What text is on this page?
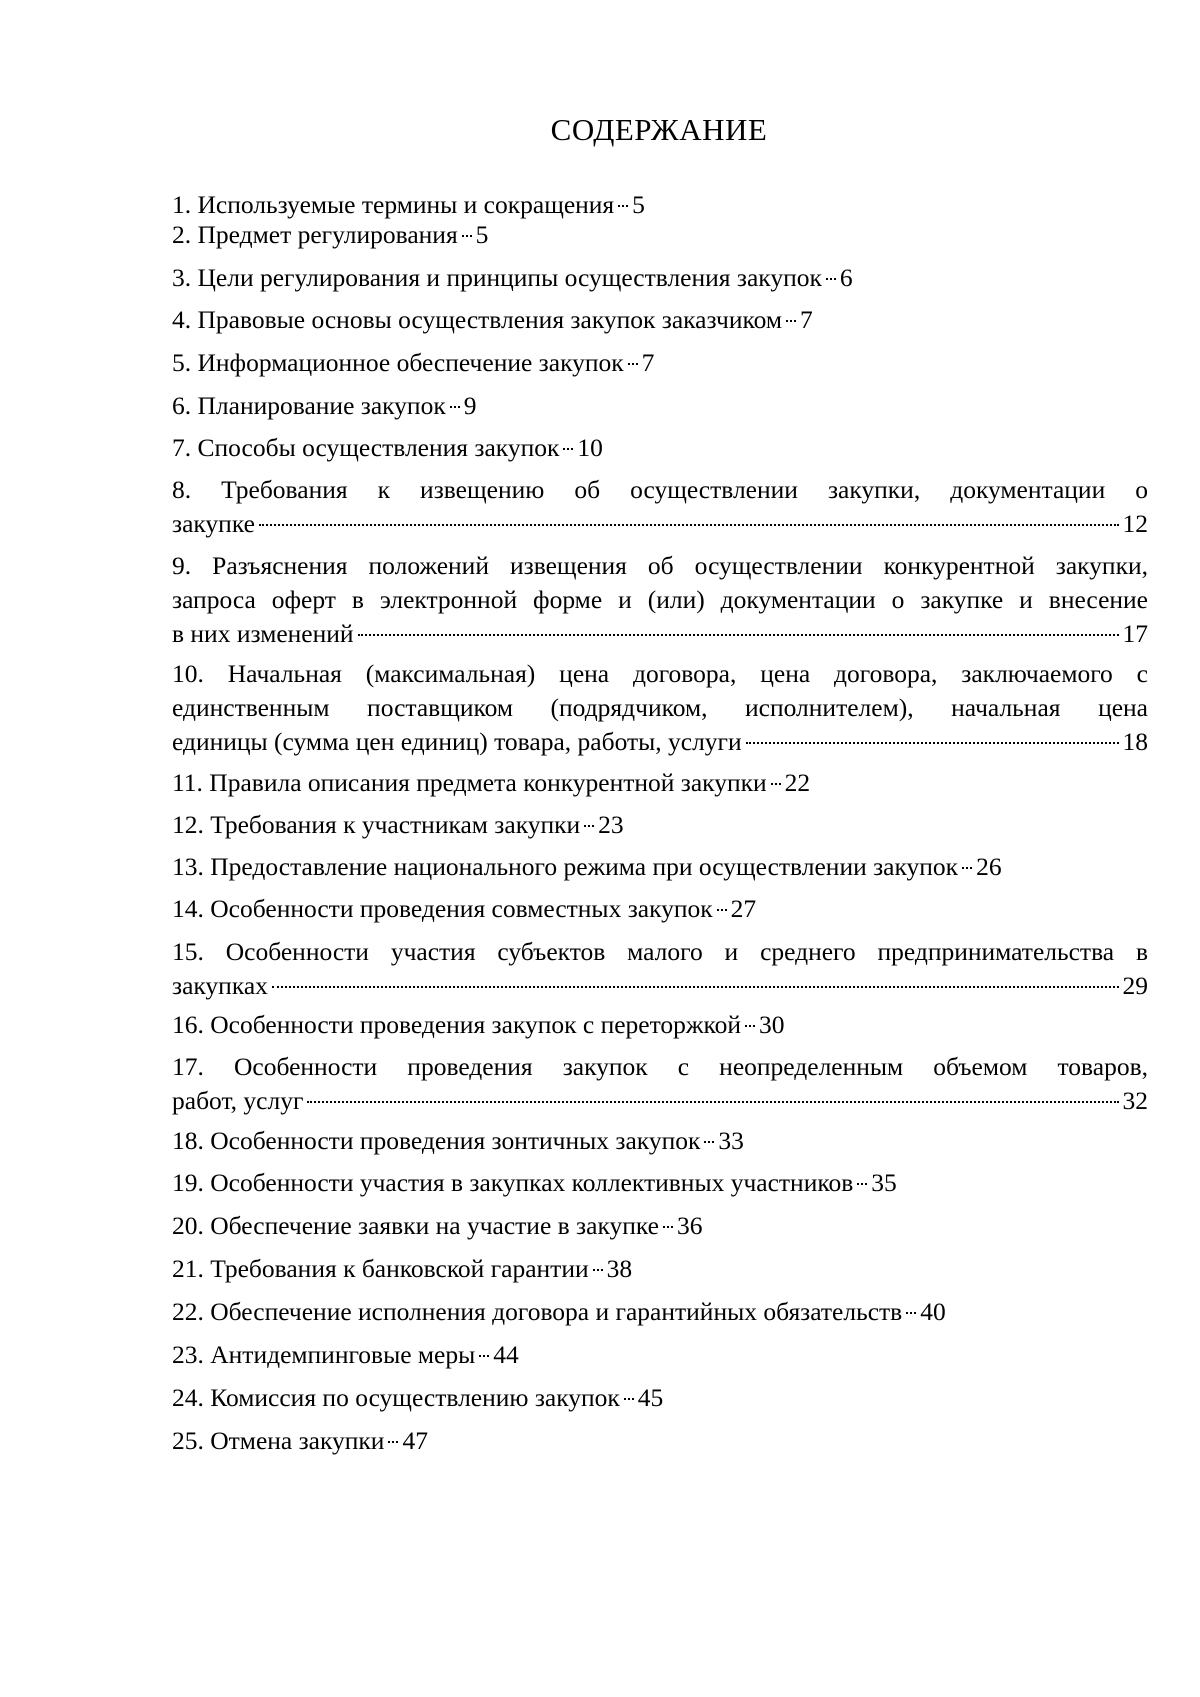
СОДЕРЖАНИЕ
1. Используемые термины и сокращения 5
2. Предмет регулирования 5
3. Цели регулирования и принципы осуществления закупок 6
4. Правовые основы осуществления закупок заказчиком 7
5. Информационное обеспечение закупок 7
6. Планирование закупок 9
7. Способы осуществления закупок 10
8. Требования к извещению об осуществлении закупки, документации о
закупке	12
9. Разъяснения положений извещения об осуществлении конкурентной закупки,
запроса оферт в электронной форме и (или) документации о закупке и внесение
в них изменений	17
10. Начальная (максимальная) цена договора, цена договора, заключаемого с
единственным поставщиком (подрядчиком, исполнителем), начальная цена
единицы (сумма цен единиц) товара, работы, услуги	18
11. Правила описания предмета конкурентной закупки 22
12. Требования к участникам закупки 23
13. Предоставление национального режима при осуществлении закупок 26
14. Особенности проведения совместных закупок 27
15. Особенности участия субъектов малого и среднего предпринимательства в
закупках	29
16. Особенности проведения закупок с переторжкой 30
17. Особенности проведения закупок с неопределенным объемом товаров,
работ, услуг	32
18. Особенности проведения зонтичных закупок 33
19. Особенности участия в закупках коллективных участников 35
20. Обеспечение заявки на участие в закупке 36
21. Требования к банковской гарантии 38
22. Обеспечение исполнения договора и гарантийных обязательств 40
23. Антидемпинговые меры 44
24. Комиссия по осуществлению закупок 45
25. Отмена закупки 47
